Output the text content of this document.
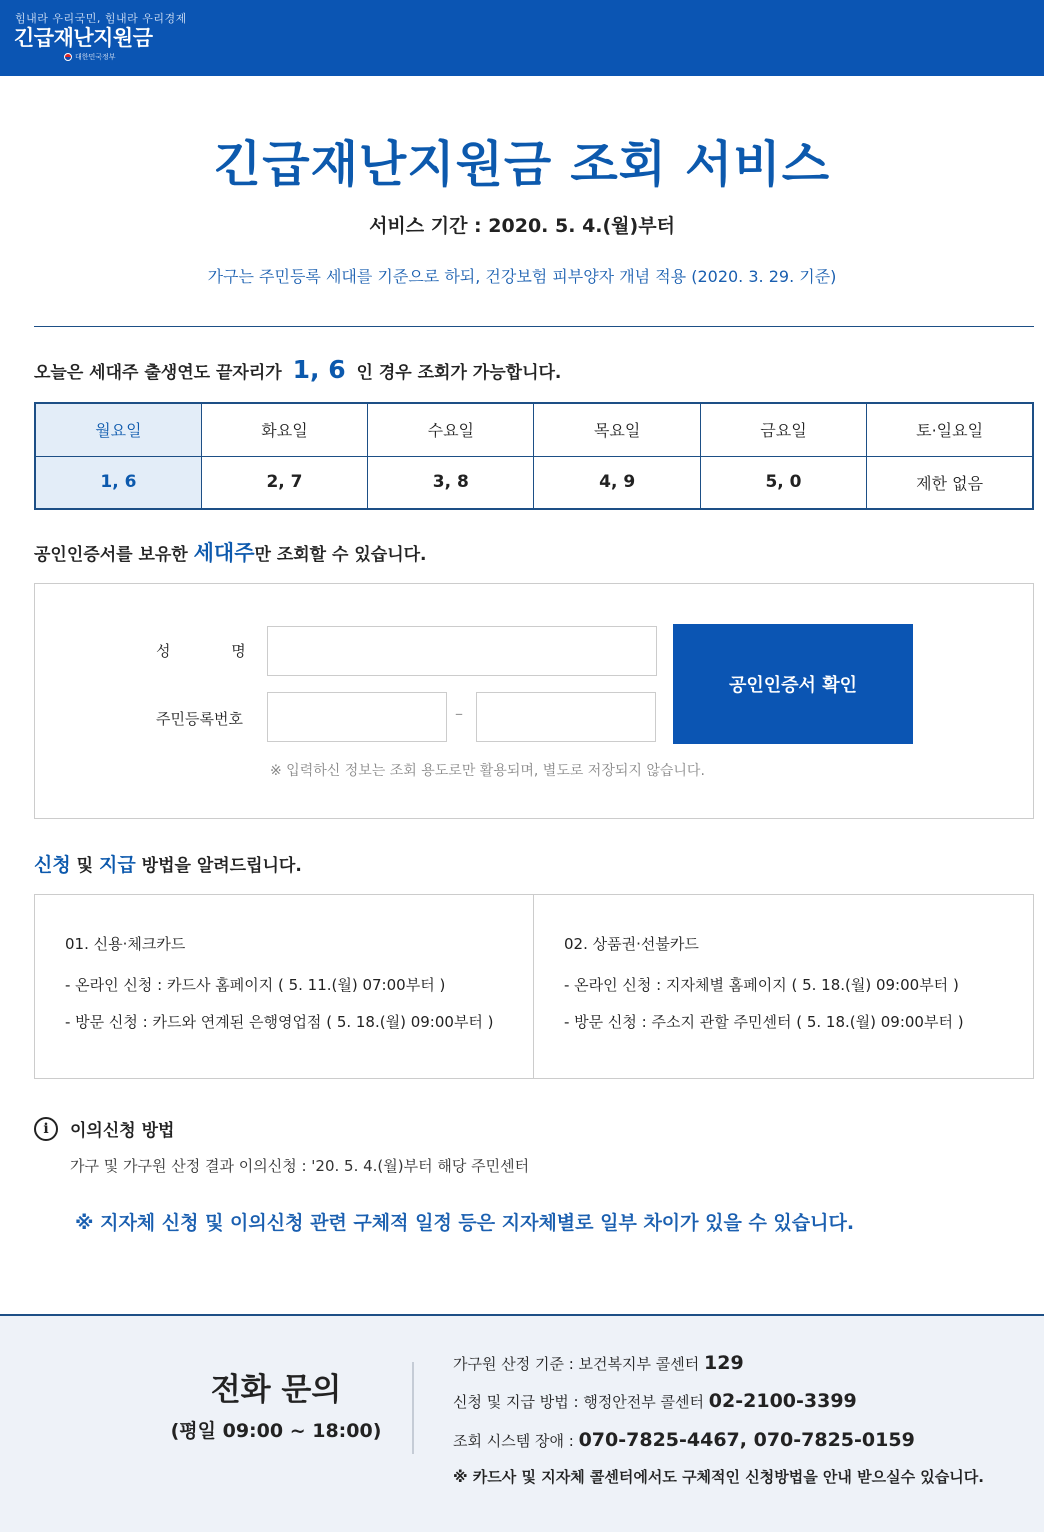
힘내라 우리국민, 힘내라 우리경제
긴급재난지원금
대한민국정부
긴급재난지원금 조회 서비스
서비스 기간 : 2020. 5. 4.(월)부터
가구는 주민등록 세대를 기준으로 하되, 건강보험 피부양자 개념 적용 (2020. 3. 29. 기준)
오늘은 세대주 출생연도 끝자리가 1, 6 인 경우 조회가 가능합니다.
월요일	화요일	수요일	목요일	금요일	토·일요일
1, 6	2, 7	3, 8	4, 9	5, 0	제한 없음
공인인증서를 보유한 세대주만 조회할 수 있습니다.
성	명
주민등록번호	–
공인인증서 확인
※ 입력하신 정보는 조회 용도로만 활용되며, 별도로 저장되지 않습니다.
신청 및 지급 방법을 알려드립니다.
01. 신용·체크카드
- 온라인 신청 : 카드사 홈페이지 ( 5. 11.(월) 07:00부터 )
- 방문 신청 : 카드와 연계된 은행영업점 ( 5. 18.(월) 09:00부터 )
02. 상품권·선불카드
- 온라인 신청 : 지자체별 홈페이지 ( 5. 18.(월) 09:00부터 )
- 방문 신청 : 주소지 관할 주민센터 ( 5. 18.(월) 09:00부터 )
i	이의신청 방법
가구 및 가구원 산정 결과 이의신청 : '20. 5. 4.(월)부터 해당 주민센터
※ 지자체 신청 및 이의신청 관련 구체적 일정 등은 지자체별로 일부 차이가 있을 수 있습니다.
전화 문의
(평일 09:00 ~ 18:00)
가구원 산정 기준 : 보건복지부 콜센터 129
신청 및 지급 방법 : 행정안전부 콜센터 02-2100-3399
조회 시스템 장애 : 070-7825-4467, 070-7825-0159
※ 카드사 및 지자체 콜센터에서도 구체적인 신청방법을 안내 받으실수 있습니다.
